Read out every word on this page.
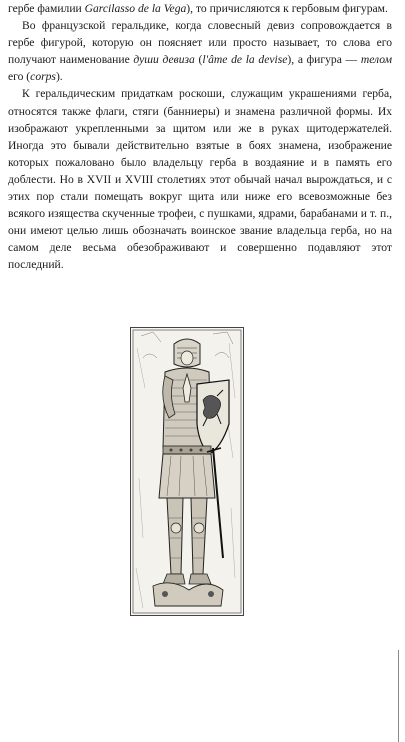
гербе фамилии Garcilasso de la Vega), то причисляются к гербовым фигурам.

Во французской геральдике, когда словесный девиз сопровождается в гербе фигурой, которую он поясняет или просто называет, то слова его получают наименование души девиза (l'âme de la devise), а фигура — телом его (corps).

К геральдическим придаткам роскоши, служащим украшениями герба, относятся также флаги, стяги (банниеры) и знамена различной формы. Их изображают укрепленными за щитом или же в руках щитодержателей. Иногда это бывали действительно взятые в боях знамена, изображение которых пожаловано было владельцу герба в воздаяние и в память его доблести. Но в XVII и XVIII столетиях этот обычай начал вырождаться, и с этих пор стали помещать вокруг щита или ниже его всевозможные без всякого изящества скученные трофеи, с пушками, ядрами, барабанами и т. п., они имеют целью лишь обозначать воинское звание владельца герба, но на самом деле весьма обезображивают и совершенно подавляют этот последний.
